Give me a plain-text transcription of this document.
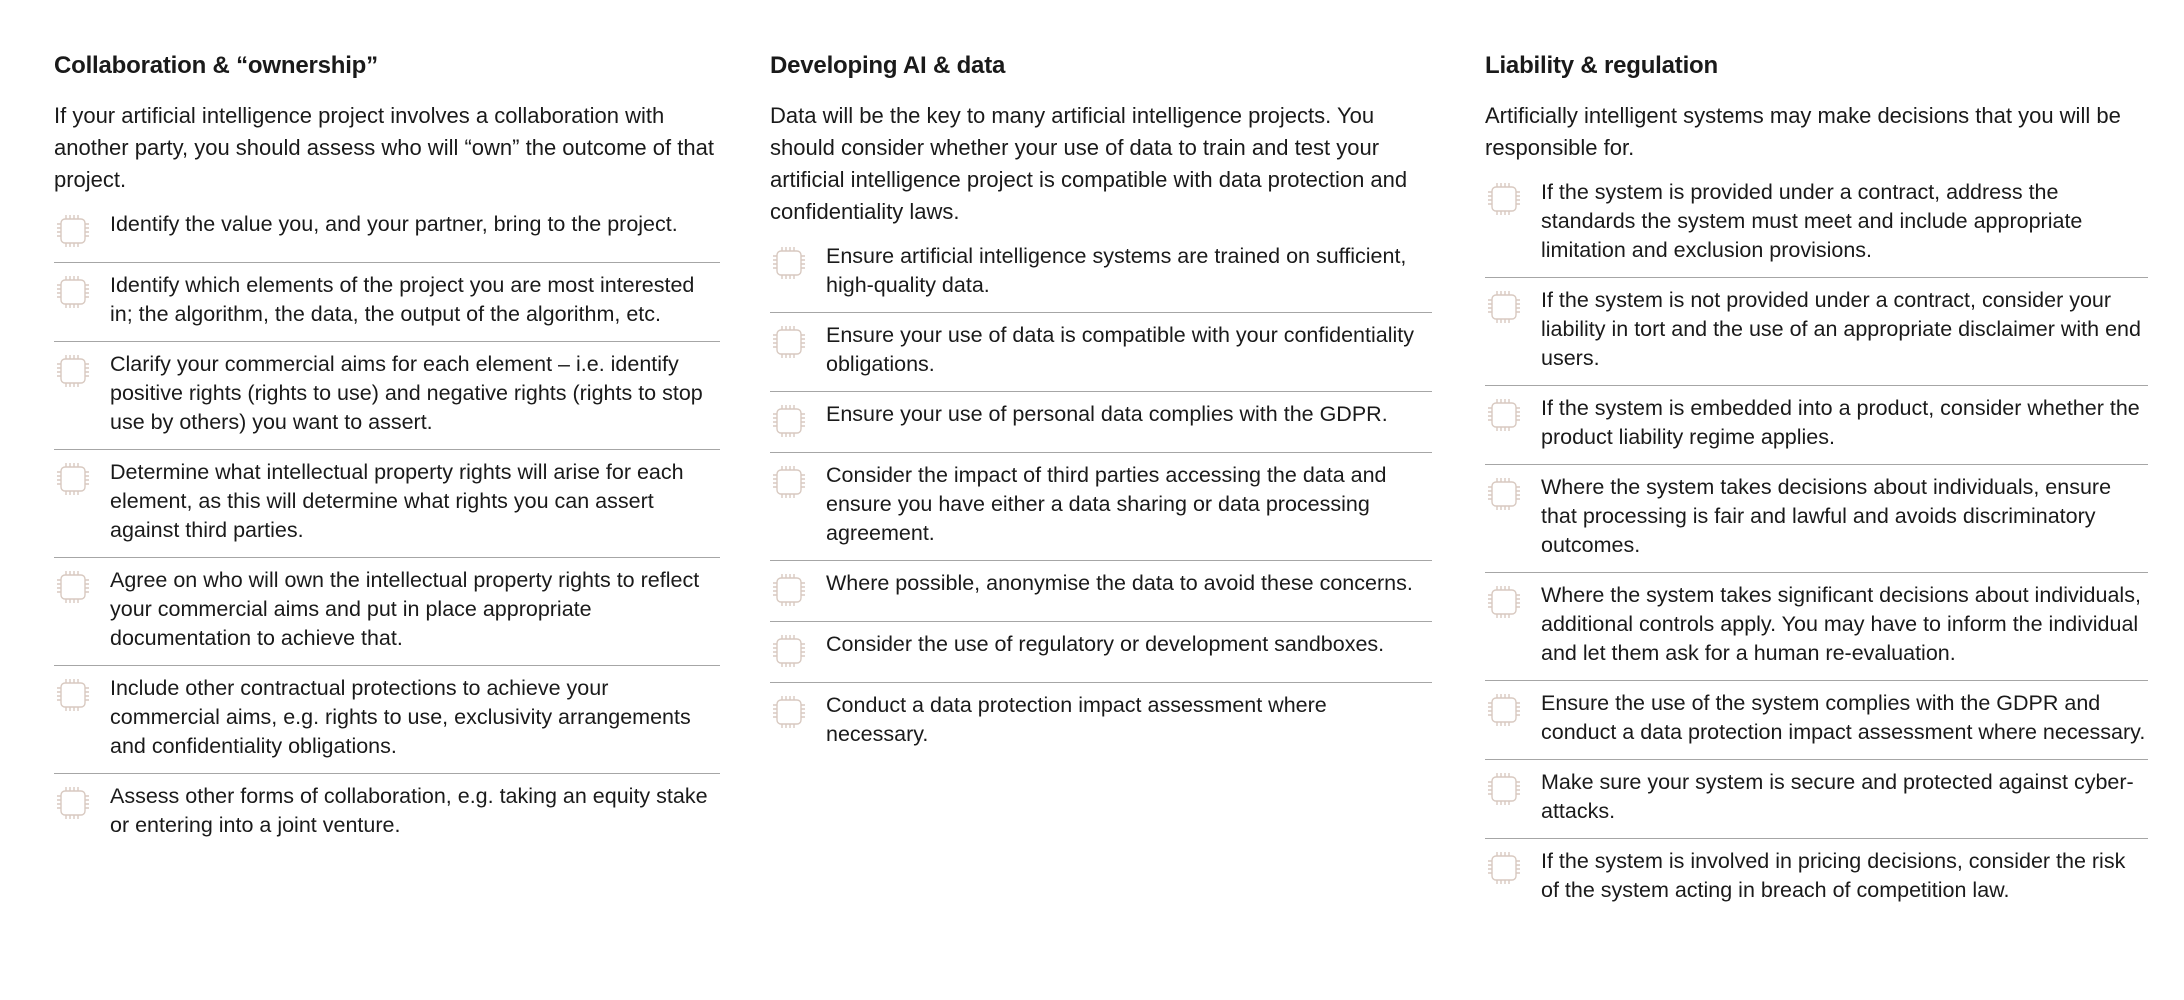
Collaboration & “ownership”

If your artificial intelligence project involves a collaboration with another party, you should assess who will “own” the outcome of that project.

Identify the value you, and your partner, bring to the project.
Identify which elements of the project you are most interested in; the algorithm, the data, the output of the algorithm, etc.
Clarify your commercial aims for each element – i.e. identify positive rights (rights to use) and negative rights (rights to stop use by others) you want to assert.
Determine what intellectual property rights will arise for each element, as this will determine what rights you can assert against third parties.
Agree on who will own the intellectual property rights to reflect your commercial aims and put in place appropriate documentation to achieve that.
Include other contractual protections to achieve your commercial aims, e.g. rights to use, exclusivity arrangements and confidentiality obligations.
Assess other forms of collaboration, e.g. taking an equity stake or entering into a joint venture.
Developing AI & data

Data will be the key to many artificial intelligence projects. You should consider whether your use of data to train and test your artificial intelligence project is compatible with data protection and confidentiality laws.

Ensure artificial intelligence systems are trained on sufficient, high-quality data.
Ensure your use of data is compatible with your confidentiality obligations.
Ensure your use of personal data complies with the GDPR.
Consider the impact of third parties accessing the data and ensure you have either a data sharing or data processing agreement.
Where possible, anonymise the data to avoid these concerns.
Consider the use of regulatory or development sandboxes.
Conduct a data protection impact assessment where necessary.
Liability & regulation

Artificially intelligent systems may make decisions that you will be responsible for.

If the system is provided under a contract, address the standards the system must meet and include appropriate limitation and exclusion provisions.
If the system is not provided under a contract, consider your liability in tort and the use of an appropriate disclaimer with end users.
If the system is embedded into a product, consider whether the product liability regime applies.
Where the system takes decisions about individuals, ensure that processing is fair and lawful and avoids discriminatory outcomes.
Where the system takes significant decisions about individuals, additional controls apply. You may have to inform the individual and let them ask for a human re-evaluation.
Ensure the use of the system complies with the GDPR and conduct a data protection impact assessment where necessary.
Make sure your system is secure and protected against cyber-attacks.
If the system is involved in pricing decisions, consider the risk of the system acting in breach of competition law.
